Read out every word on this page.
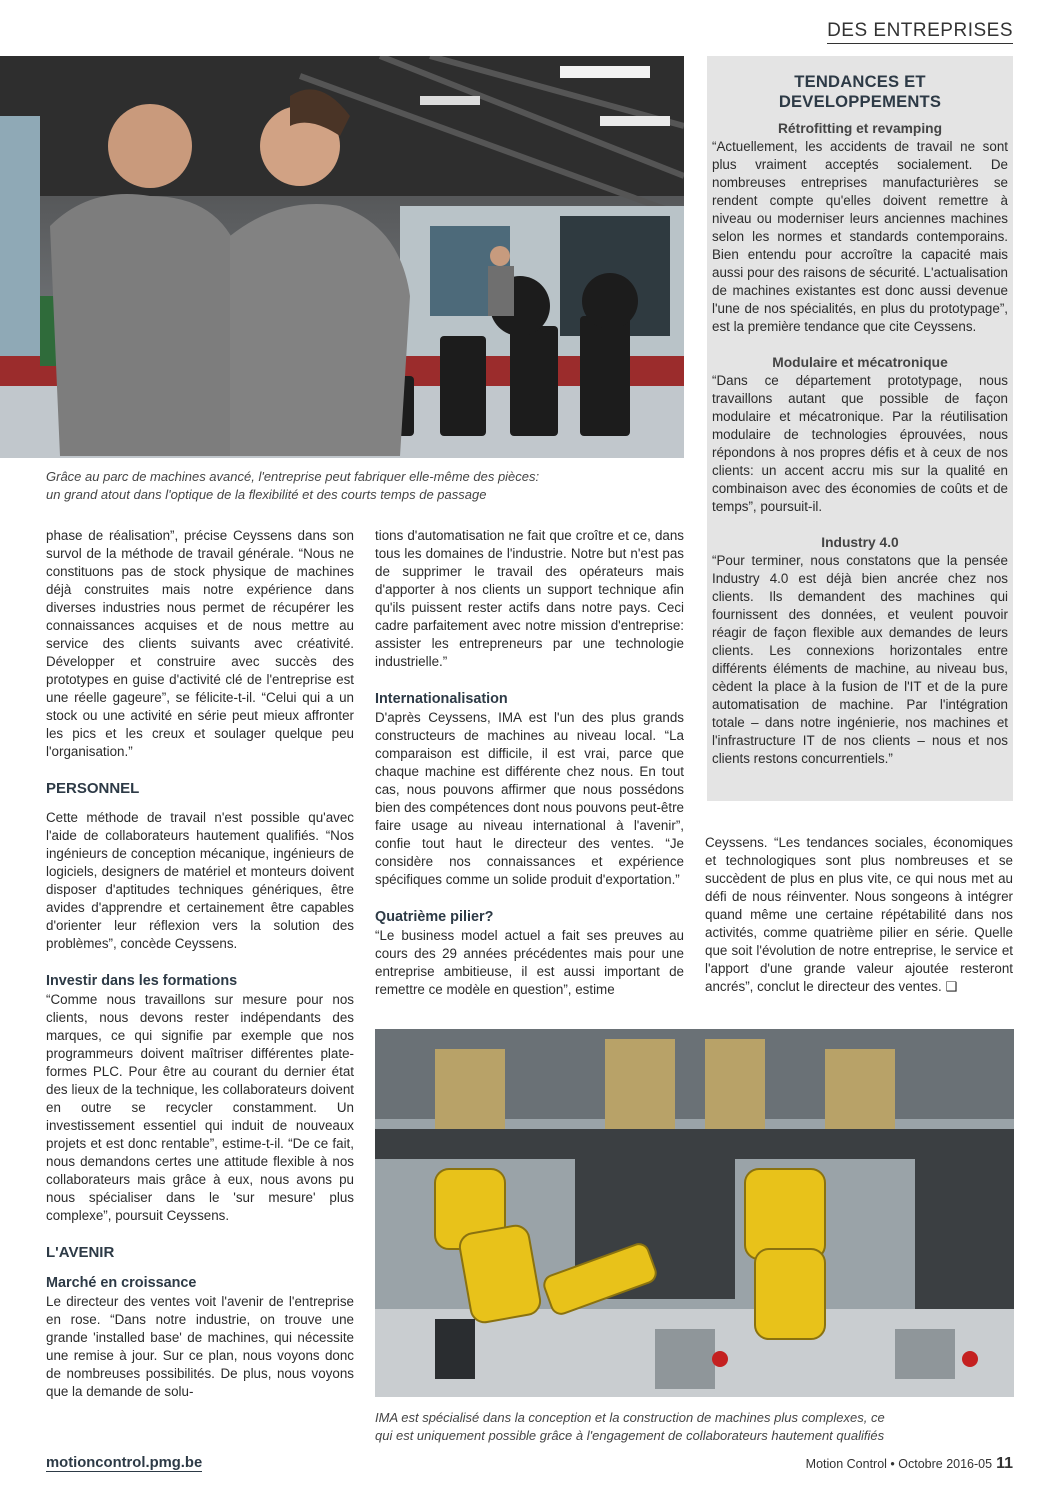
DES ENTREPRISES
Grâce au parc de machines avancé, l'entreprise peut fabriquer elle-même des pièces:
un grand atout dans l'optique de la flexibilité et des courts temps de passage
TENDANCES ET DEVELOPPEMENTS
Rétrofitting et revamping

“Actuellement, les accidents de travail ne sont plus vraiment acceptés socialement. De nombreuses entreprises manufacturières se rendent compte qu'elles doivent remettre à niveau ou moderniser leurs anciennes machines selon les normes et standards contemporains. Bien entendu pour accroître la capacité mais aussi pour des raisons de sécurité. L'actualisation de machines existantes est donc aussi devenue l'une de nos spécialités, en plus du prototypage”, est la première tendance que cite Ceyssens.

Modulaire et mécatronique

“Dans ce département prototypage, nous travaillons autant que possible de façon modulaire et mécatronique. Par la réutilisation modulaire de technologies éprouvées, nous répondons à nos propres défis et à ceux de nos clients: un accent accru mis sur la qualité en combinaison avec des économies de coûts et de temps”, poursuit-il.

Industry 4.0

“Pour terminer, nous constatons que la pensée Industry 4.0 est déjà bien ancrée chez nos clients. Ils demandent des machines qui fournissent des données, et veulent pouvoir réagir de façon flexible aux demandes de leurs clients. Les connexions horizontales entre différents éléments de machine, au niveau bus, cèdent la place à la fusion de l'IT et de la pure automatisation de machine. Par l'intégration totale – dans notre ingénierie, nos machines et l'infrastructure IT de nos clients – nous et nos clients restons concurrentiels.”

phase de réalisation”, précise Ceyssens dans son survol de la méthode de travail générale. “Nous ne constituons pas de stock physique de machines déjà construites mais notre expérience dans diverses industries nous permet de récupérer les connaissances acquises et de nous mettre au service des clients suivants avec créativité. Développer et construire avec succès des prototypes en guise d'activité clé de l'entreprise est une réelle gageure”, se félicite-t-il. “Celui qui a un stock ou une activité en série peut mieux affronter les pics et les creux et soulager quelque peu l'organisation.”

PERSONNEL

Cette méthode de travail n'est possible qu'avec l'aide de collaborateurs hautement qualifiés. “Nos ingénieurs de conception mécanique, ingénieurs de logiciels, designers de matériel et monteurs doivent disposer d'aptitudes techniques génériques, être avides d'apprendre et certainement être capables d'orienter leur réflexion vers la solution des problèmes”, concède Ceyssens.

Investir dans les formations

“Comme nous travaillons sur mesure pour nos clients, nous devons rester indépendants des marques, ce qui signifie par exemple que nos programmeurs doivent maîtriser différentes plate-formes PLC. Pour être au courant du dernier état des lieux de la technique, les collaborateurs doivent en outre se recycler constamment. Un investissement essentiel qui induit de nouveaux projets et est donc rentable”, estime-t-il. “De ce fait, nous demandons certes une attitude flexible à nos collaborateurs mais grâce à eux, nous avons pu nous spécialiser dans le 'sur mesure' plus complexe”, poursuit Ceyssens.

L'AVENIR
Marché en croissance

Le directeur des ventes voit l'avenir de l'entreprise en rose. “Dans notre industrie, on trouve une grande 'installed base' de machines, qui nécessite une remise à jour. Sur ce plan, nous voyons donc de nombreuses possibilités. De plus, nous voyons que la demande de solu-

tions d'automatisation ne fait que croître et ce, dans tous les domaines de l'industrie. Notre but n'est pas de supprimer le travail des opérateurs mais d'apporter à nos clients un support technique afin qu'ils puissent rester actifs dans notre pays. Ceci cadre parfaitement avec notre mission d'entreprise: assister les entrepreneurs par une technologie industrielle.”

Internationalisation

D'après Ceyssens, IMA est l'un des plus grands constructeurs de machines au niveau local. “La comparaison est difficile, il est vrai, parce que chaque machine est différente chez nous. En tout cas, nous pouvons affirmer que nous possédons bien des compétences dont nous pouvons peut-être faire usage au niveau international à l'avenir”, confie tout haut le directeur des ventes. “Je considère nos connaissances et expérience spécifiques comme un solide produit d'exportation.”

Quatrième pilier?

“Le business model actuel a fait ses preuves au cours des 29 années précédentes mais pour une entreprise ambitieuse, il est aussi important de remettre ce modèle en question”, estime

Ceyssens. “Les tendances sociales, économiques et technologiques sont plus nombreuses et se succèdent de plus en plus vite, ce qui nous met au défi de nous réinventer. Nous songeons à intégrer quand même une certaine répétabilité dans nos activités, comme quatrième pilier en série. Quelle que soit l'évolution de notre entreprise, le service et l'apport d'une grande valeur ajoutée resteront ancrés”, conclut le directeur des ventes. ❑

IMA est spécialisé dans la conception et la construction de machines plus complexes, ce
qui est uniquement possible grâce à l'engagement de collaborateurs hautement qualifiés
motioncontrol.pmg.be	Motion Control • Octobre 2016-05 11
